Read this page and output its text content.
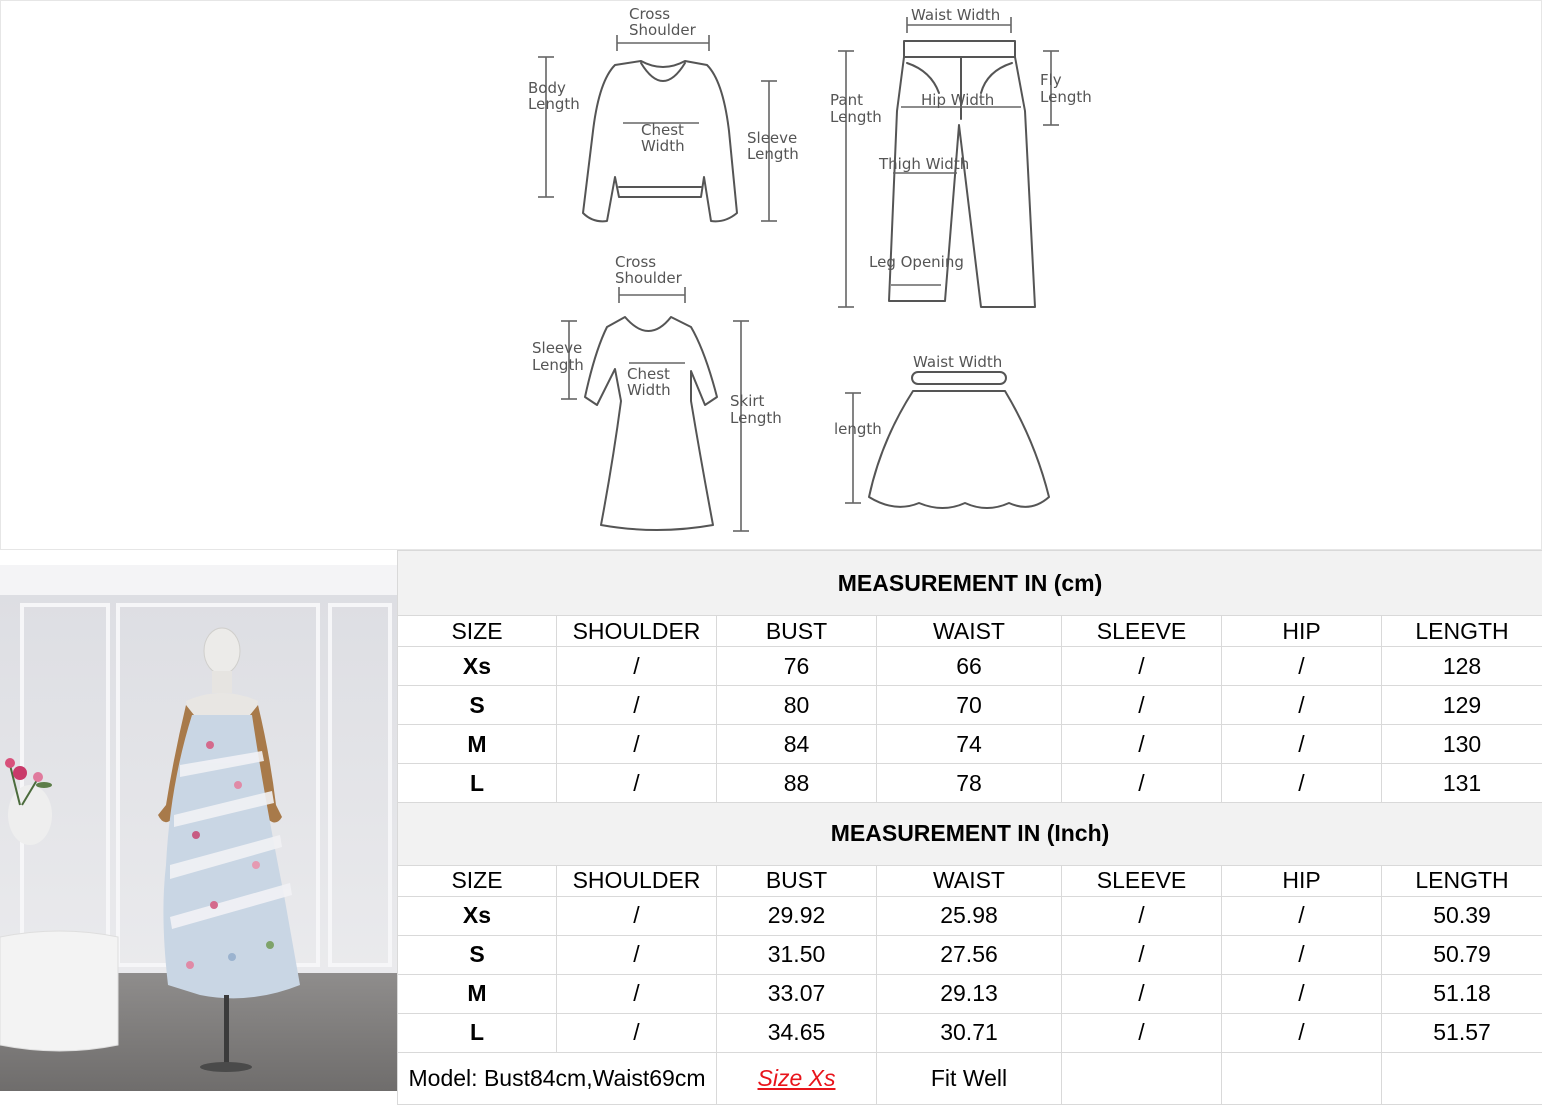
Cross
Shoulder
Body
Length
Chest
Width	Sleeve
Length
Waist Width
Pant
Length
Hip Width
Fly
Length
Thigh Width
Leg Opening
Cross
Shoulder
Sleeve
Length	Chest
Width
Skirt
Length
Waist Width
length
MEASUREMENT IN (cm)						
SIZE	SHOULDER	BUST	WAIST	SLEEVE	HIP	LENGTH
Xs	/	76	66	/	/	128
S	/	80	70	/	/	129
M	/	84	74	/	/	130
L	/	88	78	/	/	131
MEASUREMENT IN (Inch)						
SIZE	SHOULDER	BUST	WAIST	SLEEVE	HIP	LENGTH
Xs	/	29.92	25.98	/	/	50.39
S	/	31.50	27.56	/	/	50.79
M	/	33.07	29.13	/	/	51.18
L	/	34.65	30.71	/	/	51.57
Model: Bust84cm,Waist69cm		Size Xs	Fit Well			
